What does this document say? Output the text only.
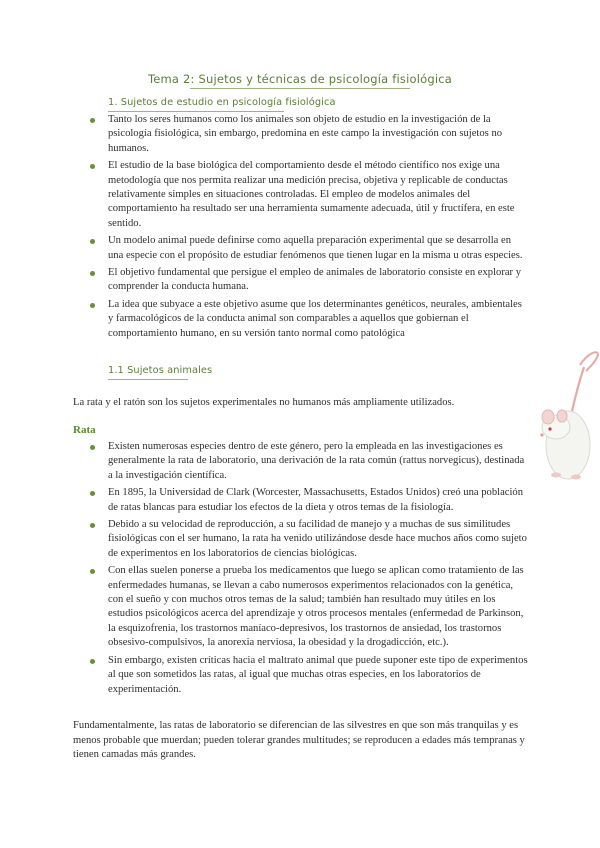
Tema 2: Sujetos y técnicas de psicología fisiológica
1. Sujetos de estudio en psicología fisiológica
Tanto los seres humanos como los animales son objeto de estudio en la investigación de la psicología fisiológica, sin embargo, predomina en este campo la investigación con sujetos no humanos.
El estudio de la base biológica del comportamiento desde el método científico nos exige una metodología que nos permita realizar una medición precisa, objetiva y replicable de conductas relativamente simples en situaciones controladas. El empleo de modelos animales del comportamiento ha resultado ser una herramienta sumamente adecuada, útil y fructífera, en este sentido.
Un modelo animal puede definirse como aquella preparación experimental que se desarrolla en una especie con el propósito de estudiar fenómenos que tienen lugar en la misma u otras especies.
El objetivo fundamental que persigue el empleo de animales de laboratorio consiste en explorar y comprender la conducta humana.
La idea que subyace a este objetivo asume que los determinantes genéticos, neurales, ambientales y farmacológicos de la conducta animal son comparables a aquellos que gobiernan el comportamiento humano, en su versión tanto normal como patológica
1.1 Sujetos animales
La rata y el ratón son los sujetos experimentales no humanos más ampliamente utilizados.
Rata
Existen numerosas especies dentro de este género, pero la empleada en las investigaciones es generalmente la rata de laboratorio, una derivación de la rata común (rattus norvegicus), destinada a la investigación científica.
En 1895, la Universidad de Clark (Worcester, Massachusetts, Estados Unidos) creó una población de ratas blancas para estudiar los efectos de la dieta y otros temas de la fisiología.
Debido a su velocidad de reproducción, a su facilidad de manejo y a muchas de sus similitudes fisiológicas con el ser humano, la rata ha venido utilizándose desde hace muchos años como sujeto de experimentos en los laboratorios de ciencias biológicas.
Con ellas suelen ponerse a prueba los medicamentos que luego se aplican como tratamiento de las enfermedades humanas, se llevan a cabo numerosos experimentos relacionados con la genética, con el sueño y con muchos otros temas de la salud; también han resultado muy útiles en los estudios psicológicos acerca del aprendizaje y otros procesos mentales (enfermedad de Parkinson, la esquizofrenia, los trastornos maníaco-depresivos, los trastornos de ansiedad, los trastornos obsesivo-compulsivos, la anorexia nerviosa, la obesidad y la drogadicción, etc.).
Sin embargo, existen críticas hacia el maltrato animal que puede suponer este tipo de experimentos al que son sometidos las ratas, al igual que muchas otras especies, en los laboratorios de experimentación.
Fundamentalmente, las ratas de laboratorio se diferencian de las silvestres en que son más tranquilas y es menos probable que muerdan; pueden tolerar grandes multitudes; se reproducen a edades más tempranas y tienen camadas más grandes.
